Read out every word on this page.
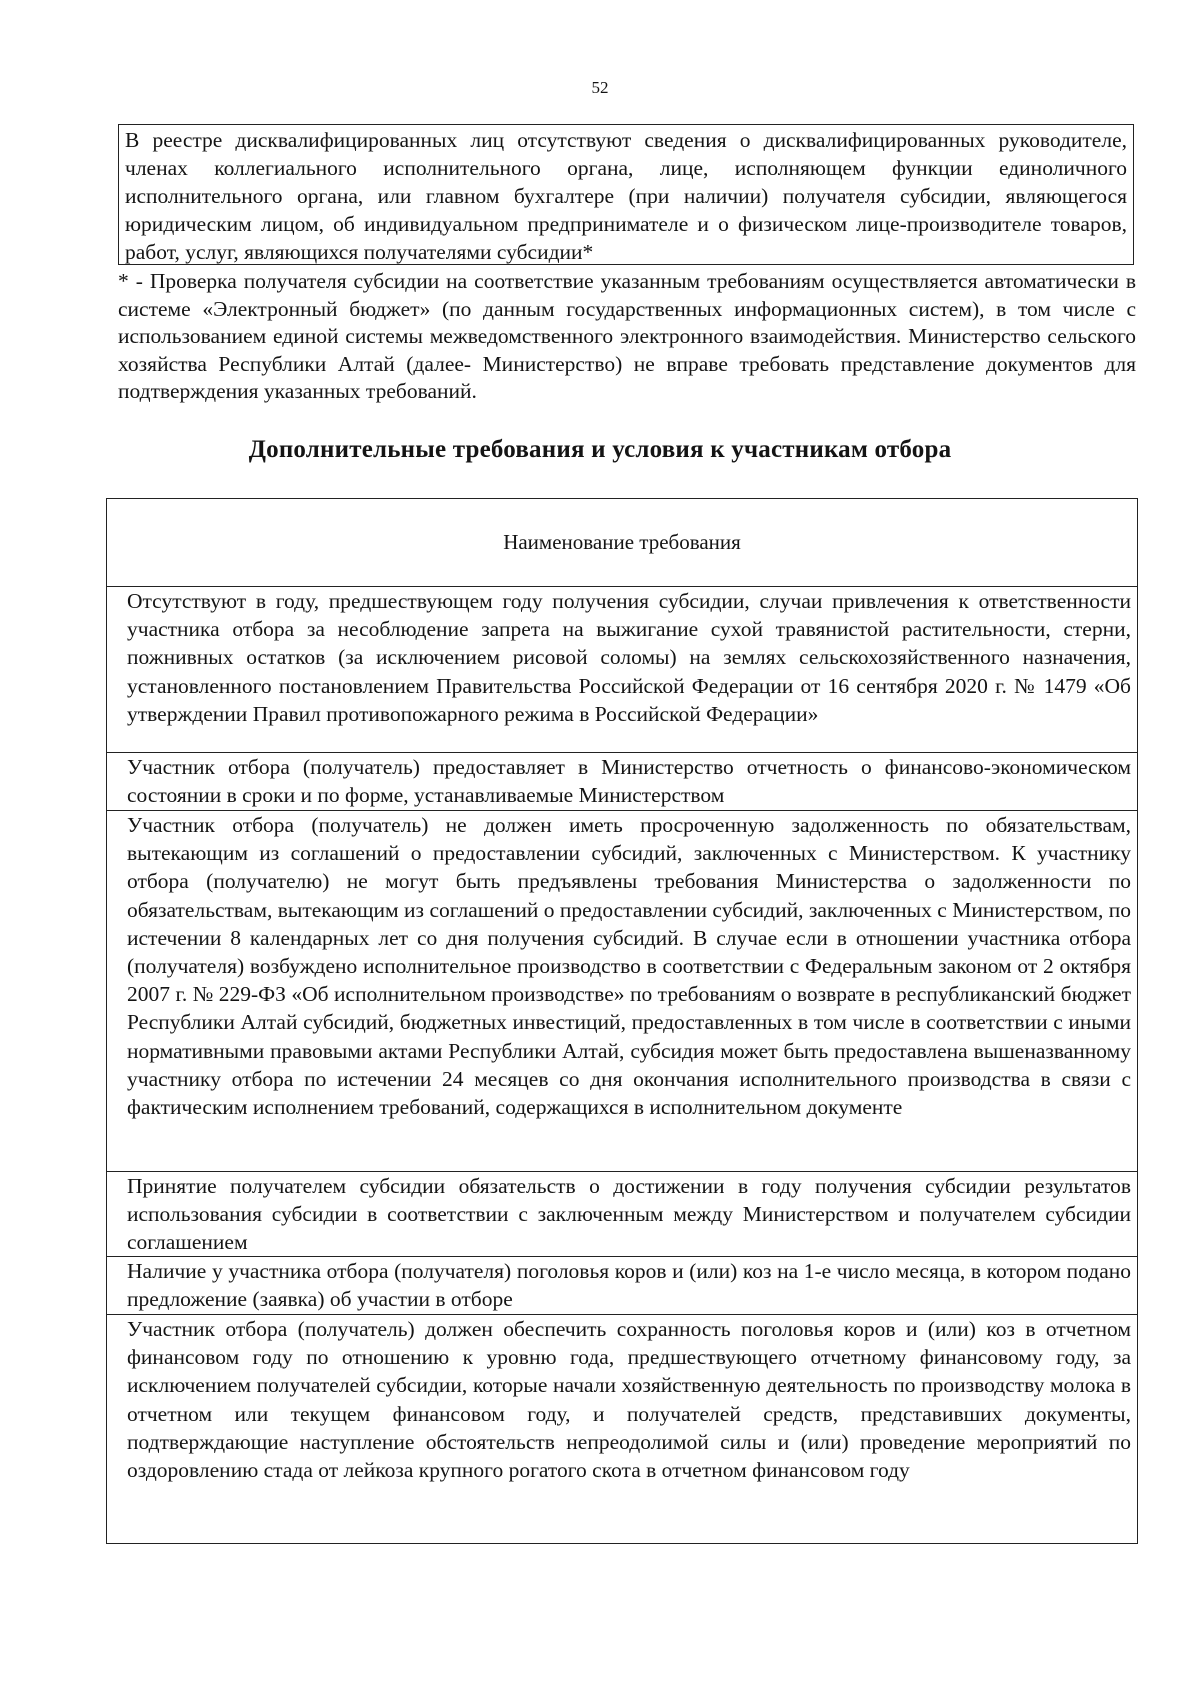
52
В реестре дисквалифицированных лиц отсутствуют сведения о дисквалифицированных руководителе, членах коллегиального исполнительного органа, лице, исполняющем функции единоличного исполнительного органа, или главном бухгалтере (при наличии) получателя субсидии, являющегося юридическим лицом, об индивидуальном предпринимателе и о физическом лице-производителе товаров, работ, услуг, являющихся получателями субсидии*
* - Проверка получателя субсидии на соответствие указанным требованиям осуществляется автоматически в системе «Электронный бюджет» (по данным государственных информационных систем), в том числе с использованием единой системы межведомственного электронного взаимодействия. Министерство сельского хозяйства Республики Алтай (далее- Министерство) не вправе требовать представление документов для подтверждения указанных требований.
Дополнительные требования и условия к участникам отбора
Наименование требования
Отсутствуют в году, предшествующем году получения субсидии, случаи привлечения к ответственности участника отбора за несоблюдение запрета на выжигание сухой травянистой растительности, стерни, пожнивных остатков (за исключением рисовой соломы) на землях сельскохозяйственного назначения, установленного постановлением Правительства Российской Федерации от 16 сентября 2020 г. № 1479 «Об утверждении Правил противопожарного режима в Российской Федерации»
Участник отбора (получатель) предоставляет в Министерство отчетность о финансово-экономическом состоянии в сроки и по форме, устанавливаемые Министерством
Участник отбора (получатель) не должен иметь просроченную задолженность по обязательствам, вытекающим из соглашений о предоставлении субсидий, заключенных с Министерством. К участнику отбора (получателю) не могут быть предъявлены требования Министерства о задолженности по обязательствам, вытекающим из соглашений о предоставлении субсидий, заключенных с Министерством, по истечении 8 календарных лет со дня получения субсидий. В случае если в отношении участника отбора (получателя) возбуждено исполнительное производство в соответствии с Федеральным законом от 2 октября 2007 г. № 229-ФЗ «Об исполнительном производстве» по требованиям о возврате в республиканский бюджет Республики Алтай субсидий, бюджетных инвестиций, предоставленных в том числе в соответствии с иными нормативными правовыми актами Республики Алтай, субсидия может быть предоставлена вышеназванному участнику отбора по истечении 24 месяцев со дня окончания исполнительного производства в связи с фактическим исполнением требований, содержащихся в исполнительном документе
Принятие получателем субсидии обязательств о достижении в году получения субсидии результатов использования субсидии в соответствии с заключенным между Министерством и получателем субсидии соглашением
Наличие у участника отбора (получателя) поголовья коров и (или) коз на 1-е число месяца, в котором подано предложение (заявка) об участии в отборе
Участник отбора (получатель) должен обеспечить сохранность поголовья коров и (или) коз в отчетном финансовом году по отношению к уровню года, предшествующего отчетному финансовому году, за исключением получателей субсидии, которые начали хозяйственную деятельность по производству молока в отчетном или текущем финансовом году, и получателей средств, представивших документы, подтверждающие наступление обстоятельств непреодолимой силы и (или) проведение мероприятий по оздоровлению стада от лейкоза крупного рогатого скота в отчетном финансовом году
